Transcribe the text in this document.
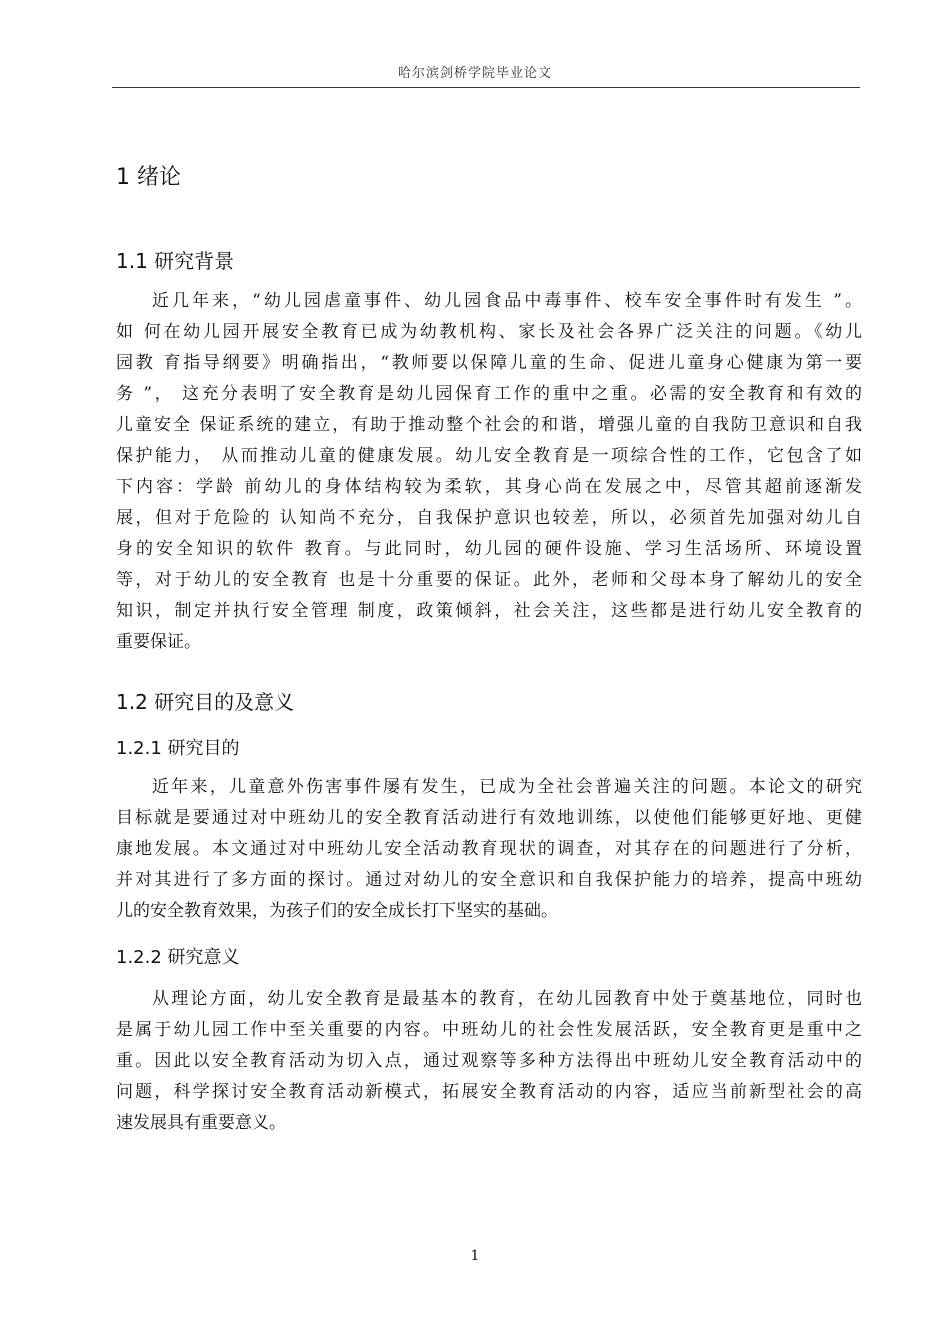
哈尔滨剑桥学院毕业论文
1 绪论
1.1 研究背景
近几年来，“幼儿园虐童事件、幼儿园食品中毒事件、校车安全事件时有发生 ”。
如 何在幼儿园开展安全教育已成为幼教机构、家长及社会各界广泛关注的问题。《幼儿
园教 育指导纲要》明确指出，“教师要以保障儿童的生命、促进儿童身心健康为第一要
务 ”， 这充分表明了安全教育是幼儿园保育工作的重中之重。必需的安全教育和有效的
儿童安全 保证系统的建立，有助于推动整个社会的和谐，增强儿童的自我防卫意识和自我
保护能力， 从而推动儿童的健康发展。幼儿安全教育是一项综合性的工作，它包含了如
下内容：学龄 前幼儿的身体结构较为柔软，其身心尚在发展之中，尽管其超前逐渐发
展，但对于危险的 认知尚不充分，自我保护意识也较差，所以，必须首先加强对幼儿自
身的安全知识的软件 教育。与此同时，幼儿园的硬件设施、学习生活场所、环境设置
等，对于幼儿的安全教育 也是十分重要的保证。此外，老师和父母本身了解幼儿的安全
知识，制定并执行安全管理 制度，政策倾斜，社会关注，这些都是进行幼儿安全教育的
重要保证。
1.2 研究目的及意义
1.2.1 研究目的
近年来，儿童意外伤害事件屡有发生，已成为全社会普遍关注的问题。本论文的研究
目标就是要通过对中班幼儿的安全教育活动进行有效地训练，以使他们能够更好地、更健
康地发展。本文通过对中班幼儿安全活动教育现状的调查，对其存在的问题进行了分析，
并对其进行了多方面的探讨。通过对幼儿的安全意识和自我保护能力的培养，提高中班幼
儿的安全教育效果，为孩子们的安全成长打下坚实的基础。
1.2.2 研究意义
从理论方面，幼儿安全教育是最基本的教育，在幼儿园教育中处于奠基地位，同时也
是属于幼儿园工作中至关重要的内容。中班幼儿的社会性发展活跃，安全教育更是重中之
重。因此以安全教育活动为切入点，通过观察等多种方法得出中班幼儿安全教育活动中的
问题，科学探讨安全教育活动新模式，拓展安全教育活动的内容，适应当前新型社会的高
速发展具有重要意义。
1
